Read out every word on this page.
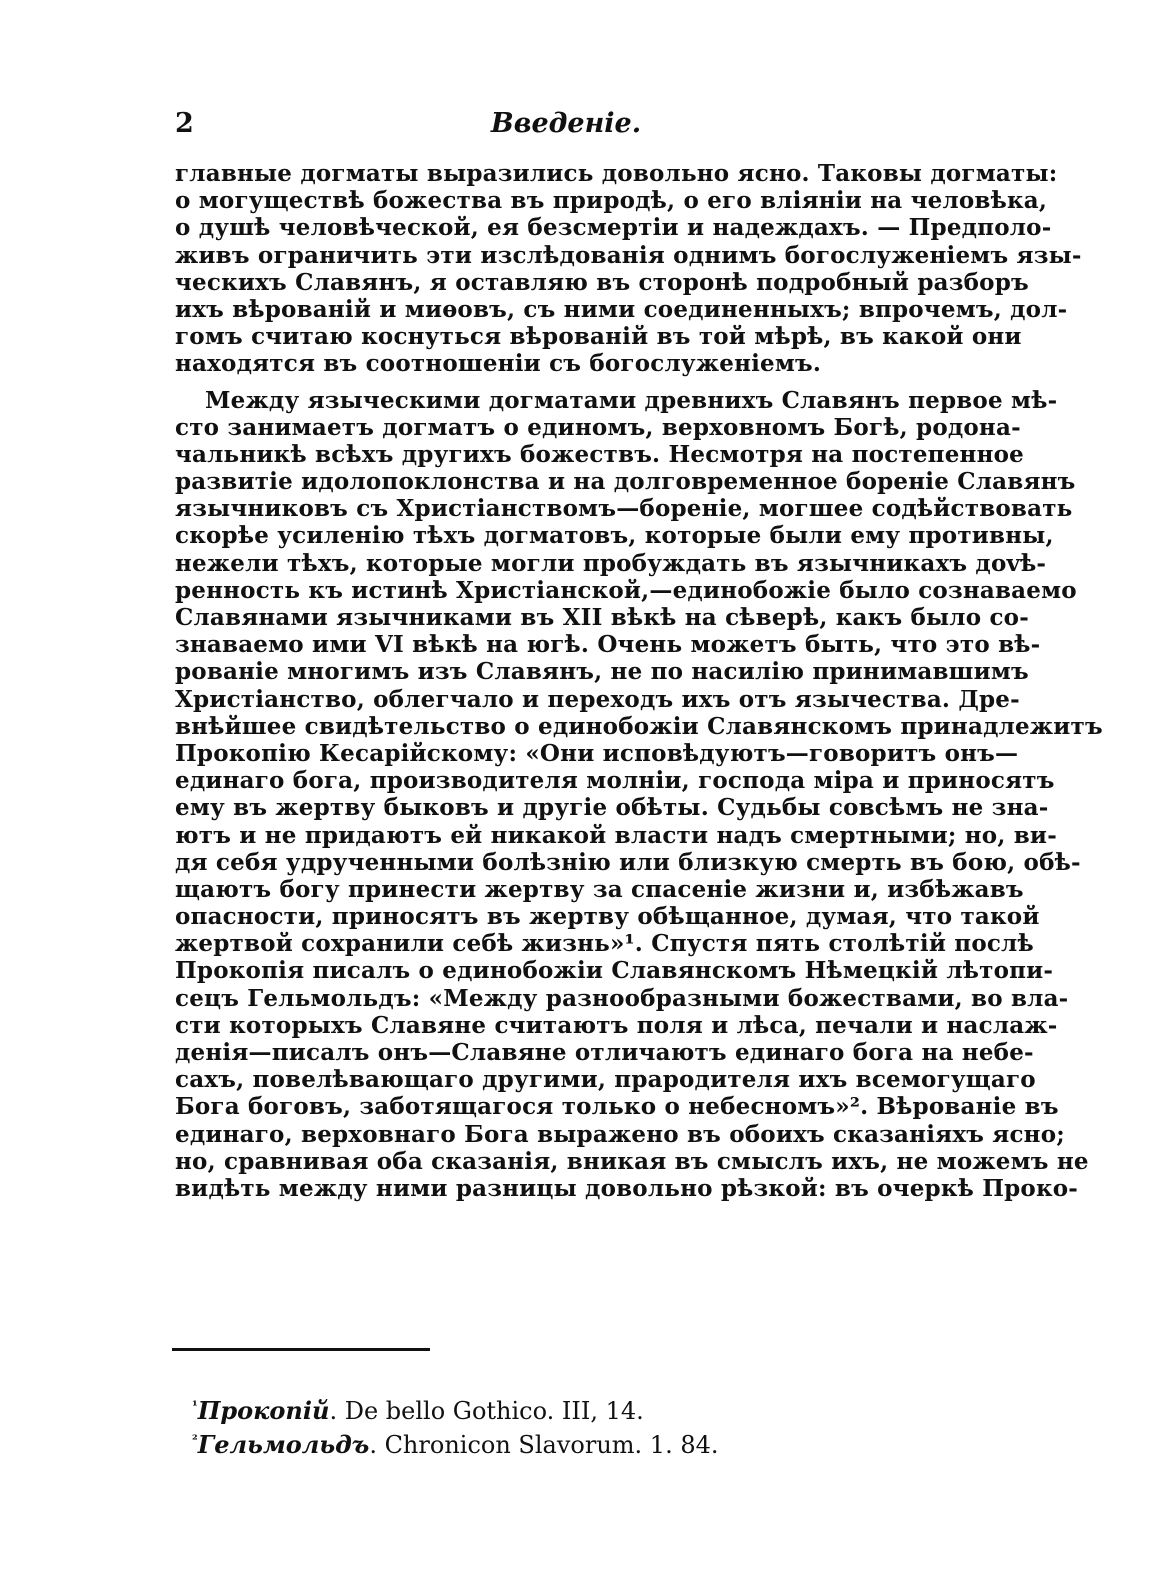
2	Введеніе.
главные догматы выразились довольно ясно. Таковы догматы:
о могуществѣ божества въ природѣ, о его вліяніи на человѣка,
о душѣ человѣческой, ея безсмертіи и надеждахъ. — Предполо-
живъ ограничить эти изслѣдованія однимъ богослуженіемъ язы-
ческихъ Славянъ, я оставляю въ сторонѣ подробный разборъ
ихъ вѣрованій и миѳовъ, съ ними соединенныхъ; впрочемъ, дол-
гомъ считаю коснуться вѣрованій въ той мѣрѣ, въ какой они
находятся въ соотношеніи съ богослуженіемъ.
Между языческими догматами древнихъ Славянъ первое мѣ-
сто занимаетъ догматъ о единомъ, верховномъ Богѣ, родона-
чальникѣ всѣхъ другихъ божествъ. Несмотря на постепенное
развитіе идолопоклонства и на долговременное бореніе Славянъ
язычниковъ съ Христіанствомъ—бореніе, могшее содѣйствовать
скорѣе усиленію тѣхъ догматовъ, которые были ему противны,
нежели тѣхъ, которые могли пробуждать въ язычникахъ дovѣ-
ренность къ истинѣ Христіанской,—единобожіе было сознаваемо
Славянами язычниками въ XII вѣкѣ на сѣверѣ, какъ было со-
знаваемо ими VI вѣкѣ на югѣ. Очень можетъ быть, что это вѣ-
рованіе многимъ изъ Славянъ, не по насилію принимавшимъ
Христіанство, облегчало и переходъ ихъ отъ язычества. Дре-
внѣйшее свидѣтельство о единобожіи Славянскомъ принадлежитъ
Прокопію Кесарійскому: «Они исповѣдуютъ—говоритъ онъ—
единаго бога, производителя молніи, господа міра и приносятъ
ему въ жертву быковъ и другіе обѣты. Судьбы совсѣмъ не зна-
ютъ и не придаютъ ей никакой власти надъ смертными; но, ви-
дя себя удрученными болѣзнію или близкую смерть въ бою, обѣ-
щаютъ богу принести жертву за спасеніе жизни и, избѣжавъ
опасности, приносятъ въ жертву обѣщанное, думая, что такой
жертвой сохранили себѣ жизнь»¹. Спустя пять столѣтій послѣ
Прокопія писалъ о единобожіи Славянскомъ Нѣмецкій лѣтопи-
сецъ Гельмольдъ: «Между разнообразными божествами, во вла-
сти которыхъ Славяне считаютъ поля и лѣса, печали и наслаж-
денія—писалъ онъ—Славяне отличаютъ единаго бога на небе-
сахъ, повелѣвающаго другими, прародителя ихъ всемогущаго
Бога боговъ, заботящагося только о небесномъ»². Вѣрованіе въ
единаго, верховнаго Бога выражено въ обоихъ сказаніяхъ ясно;
но, сравнивая оба сказанія, вникая въ смыслъ ихъ, не можемъ не
видѣть между ними разницы довольно рѣзкой: въ очеркѣ Проко-
$^{^1}$Прокопій. De bello Gothico. III, 14.
$^{^2}$Гельмольдъ. Chronicon Slavorum. 1. 84.
